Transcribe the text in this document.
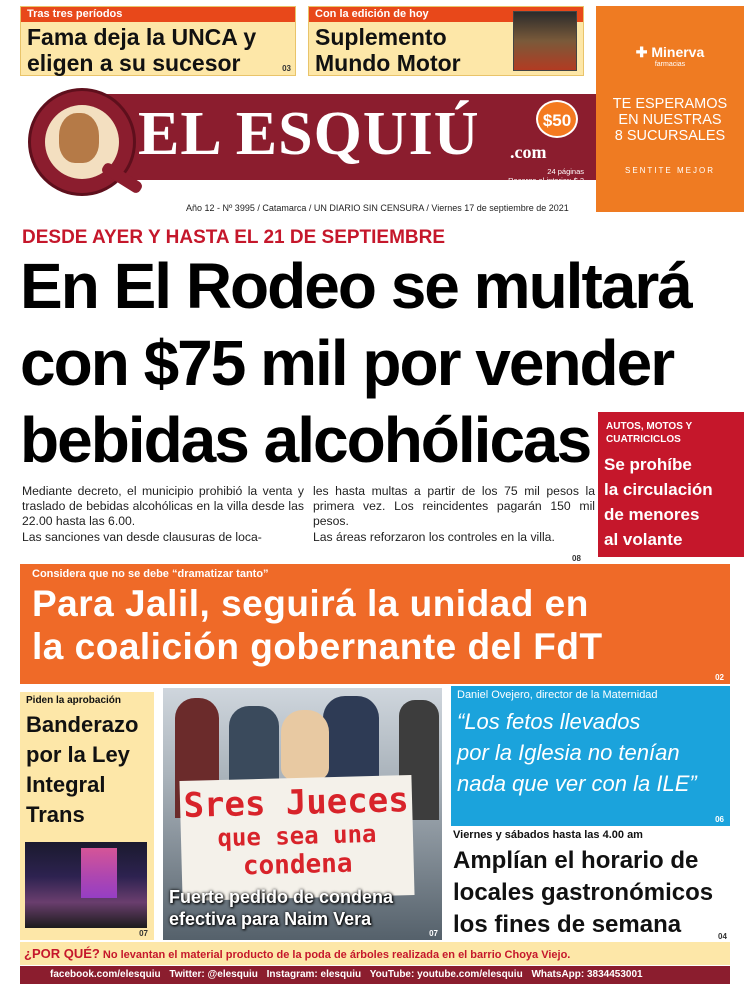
Tras tres períodos
Fama deja la UNCA y
eligen a su sucesor	03
Con la edición de hoy
Suplemento
Mundo Motor
EL ESQUIÚ .com
$50
24 páginas
Recargo al interior: $ 2
Año 12 - Nº 3995 / Catamarca / UN DIARIO SIN CENSURA / Viernes 17 de septiembre de 2021
✚ Minerva
farmacias
TE ESPERAMOS
EN NUESTRAS
8 SUCURSALES
SENTITE MEJOR
DESDE AYER Y HASTA EL 21 DE SEPTIEMBRE
En El Rodeo se multará
con $75 mil por vender
bebidas alcohólicas

Mediante decreto, el municipio prohibió la venta y traslado de bebidas alcohólicas en la villa desde las 22.00 hasta las 6.00.

Las sanciones van desde clausuras de loca-

les hasta multas a partir de los 75 mil pesos la primera vez. Los reincidentes pagarán 150 mil pesos.

Las áreas reforzaron los controles en la villa.

08
AUTOS, MOTOS Y
CUATRICICLOS
Se prohíbe
la circulación
de menores
al volante
Considera que no se debe “dramatizar tanto”
Para Jalil, seguirá la unidad en
la coalición gobernante del FdT
02
Piden la aprobación
Banderazo
por la Ley
Integral
Trans
07
Sres Jueces
que sea una
condena
Fuerte pedido de condena
efectiva para Naim Vera
07
Daniel Ovejero, director de la Maternidad
“Los fetos llevados
por la Iglesia no tenían
nada que ver con la ILE”
06
Viernes y sábados hasta las 4.00 am
Amplían el horario de
locales gastronómicos
los fines de semana	04
¿POR QUÉ? No levantan el material producto de la poda de árboles realizada en el barrio Choya Viejo.
facebook.com/elesquiu Twitter: @elesquiu Instagram: elesquiu YouTube: youtube.com/elesquiu WhatsApp: 3834453001
